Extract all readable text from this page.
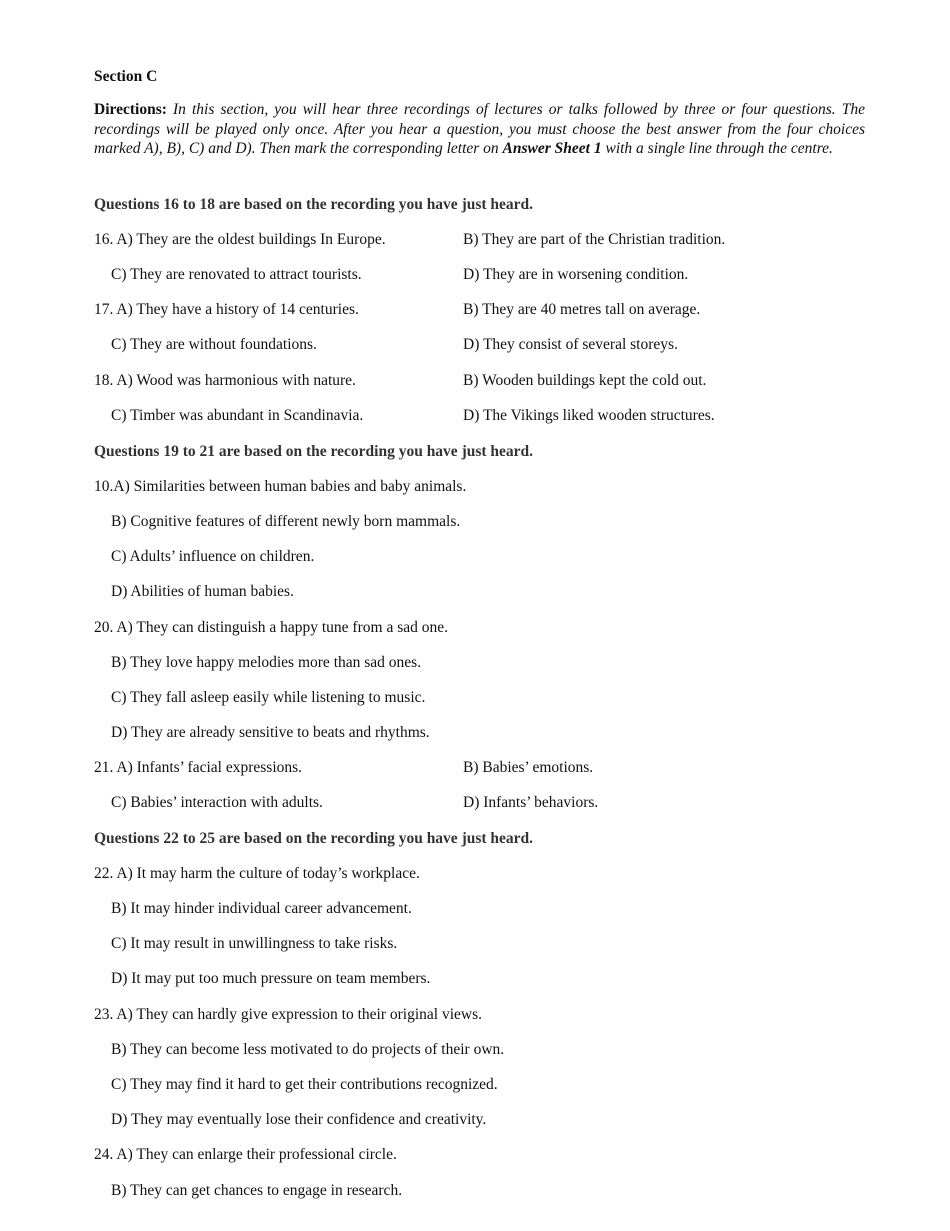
Section C
Directions: In this section, you will hear three recordings of lectures or talks followed by three or four questions. The recordings will be played only once. After you hear a question, you must choose the best answer from the four choices marked A), B), C) and D). Then mark the corresponding letter on Answer Sheet 1 with a single line through the centre.
Questions 16 to 18 are based on the recording you have just heard.
16. A) They are the oldest buildings In Europe.	B) They are part of the Christian tradition.
C) They are renovated to attract tourists.	D) They are in worsening condition.
17. A) They have a history of 14 centuries.	B) They are 40 metres tall on average.
C) They are without foundations.	D) They consist of several storeys.
18. A) Wood was harmonious with nature.	B) Wooden buildings kept the cold out.
C) Timber was abundant in Scandinavia.	D) The Vikings liked wooden structures.
Questions 19 to 21 are based on the recording you have just heard.
10.A) Similarities between human babies and baby animals.
B) Cognitive features of different newly born mammals.
C) Adults’ influence on children.
D) Abilities of human babies.
20. A) They can distinguish a happy tune from a sad one.
B) They love happy melodies more than sad ones.
C) They fall asleep easily while listening to music.
D) They are already sensitive to beats and rhythms.
21. A) Infants’ facial expressions.	B) Babies’ emotions.
C) Babies’ interaction with adults.	D) Infants’ behaviors.
Questions 22 to 25 are based on the recording you have just heard.
22. A) It may harm the culture of today’s workplace.
B) It may hinder individual career advancement.
C) It may result in unwillingness to take risks.
D) It may put too much pressure on team members.
23. A) They can hardly give expression to their original views.
B) They can become less motivated to do projects of their own.
C) They may find it hard to get their contributions recognized.
D) They may eventually lose their confidence and creativity.
24. A) They can enlarge their professional circle.
B) They can get chances to engage in research.
